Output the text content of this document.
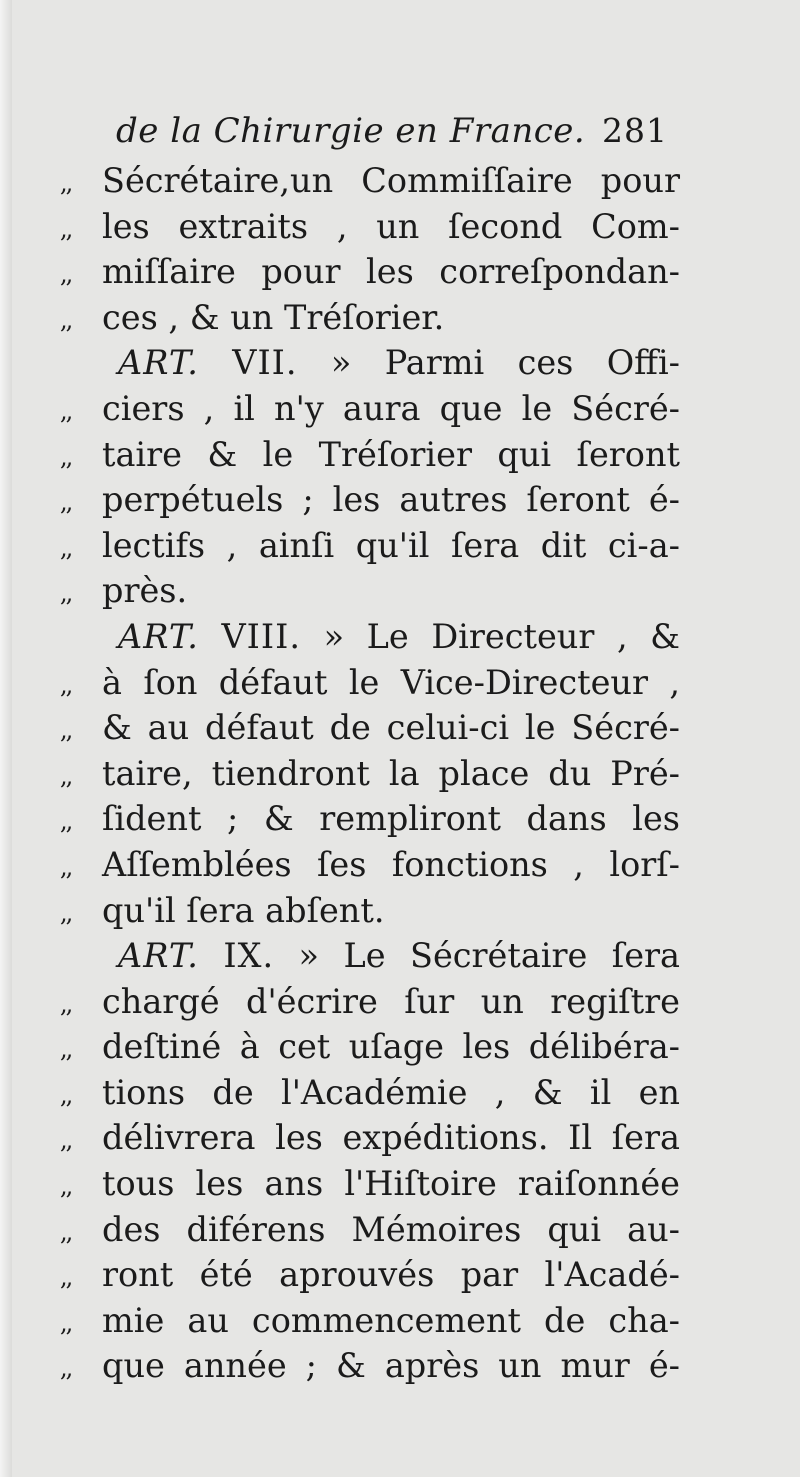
de la Chirurgie en France. 281
,, Sécrétaire,un Commiſſaire pour
,, les extraits , un ſecond Com-
,, miſſaire pour les correſpondan-
,, ces , & un Tréſorier.
ART. VII. » Parmi ces Offi-
,, ciers , il n'y aura que le Sécré-
,, taire & le Tréſorier qui ſeront
,, perpétuels ; les autres ſeront é-
,, lectifs , ainſi qu'il ſera dit ci-a-
,, près.
ART. VIII. » Le Directeur , &
,, à ſon défaut le Vice-Directeur ,
,, & au défaut de celui-ci le Sécré-
,, taire, tiendront la place du Pré-
,, ſident ; & rempliront dans les
,, Aſſemblées ſes fonctions , lorſ-
,, qu'il ſera abſent.
ART. IX. » Le Sécrétaire ſera
,, chargé d'écrire ſur un regiſtre
,, deſtiné à cet uſage les délibéra-
,, tions de l'Académie , & il en
,, délivrera les expéditions. Il ſera
,, tous les ans l'Hiſtoire raiſonnée
,, des diférens Mémoires qui au-
,, ront été aprouvés par l'Acadé-
,, mie au commencement de cha-
,, que année ; & après un mur é-
